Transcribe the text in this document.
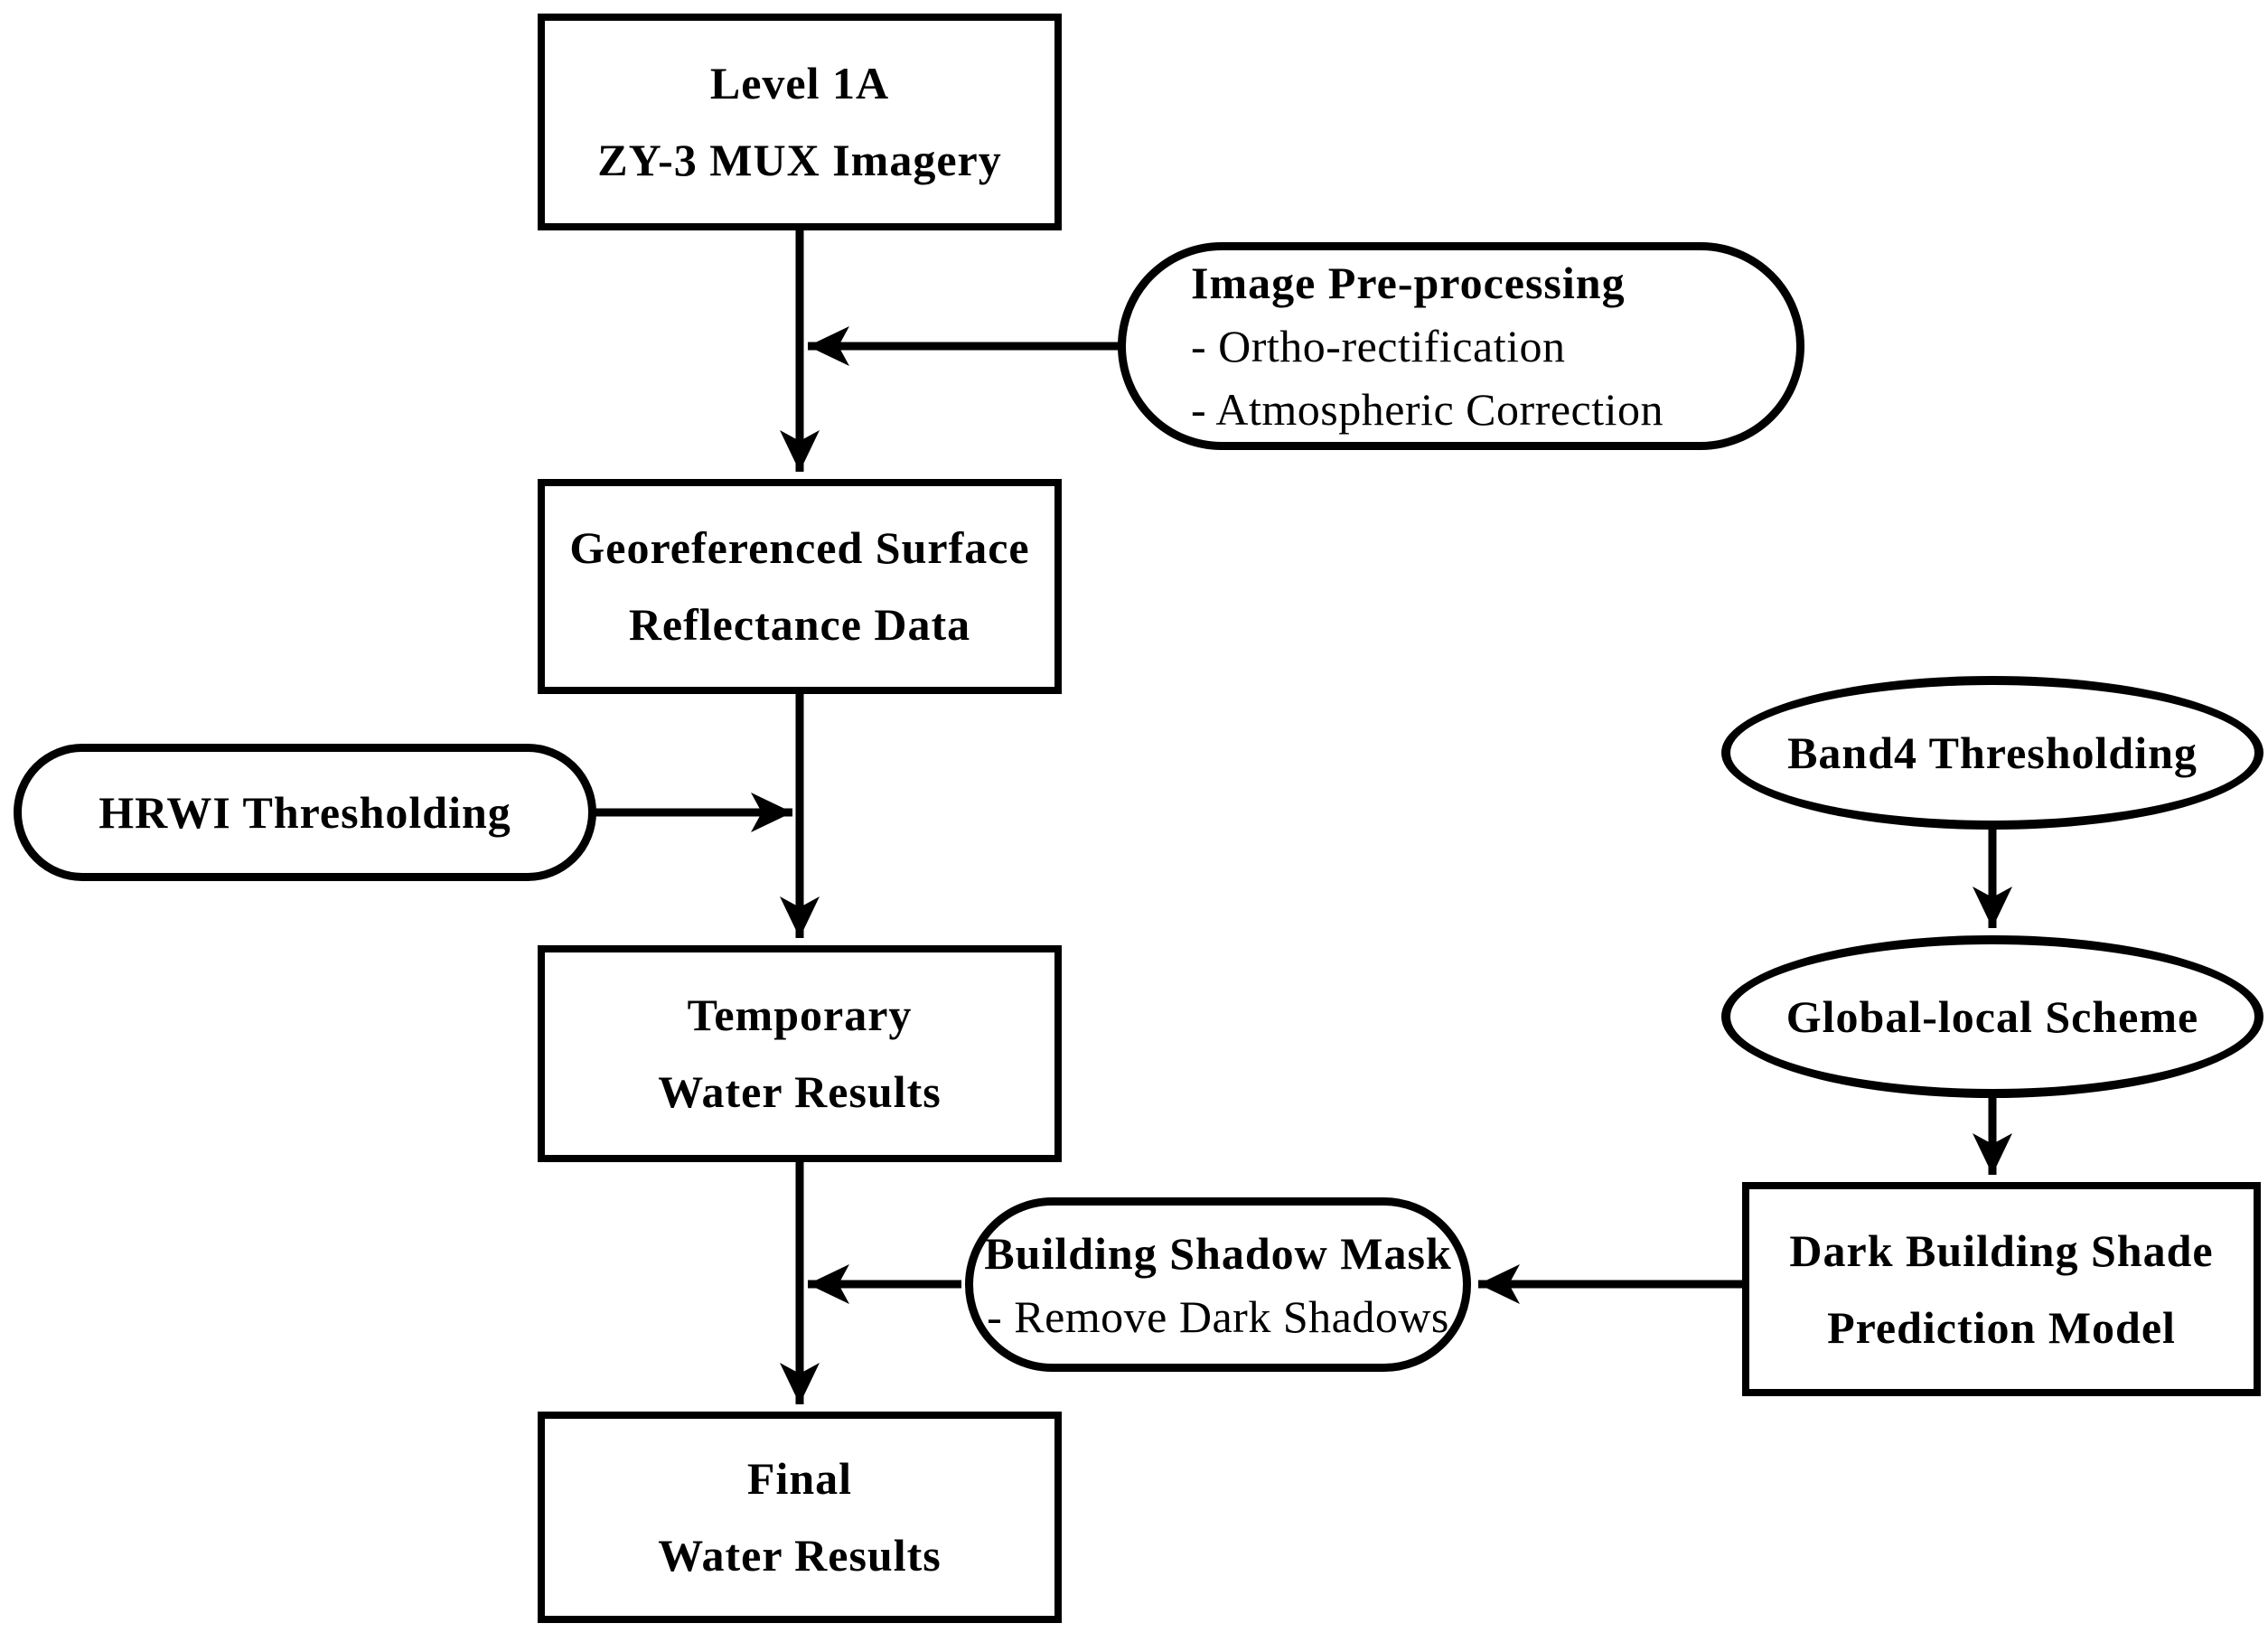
Level 1A
ZY-3 MUX Imagery
Image Pre-processing
- Ortho-rectification
- Atmospheric Correction
Georeferenced Surface
Reflectance Data
HRWI Thresholding
Temporary
Water Results
Band4 Thresholding
Global-local Scheme
Dark Building Shade
Prediction Model
Building Shadow Mask
- Remove Dark Shadows
Final
Water Results
